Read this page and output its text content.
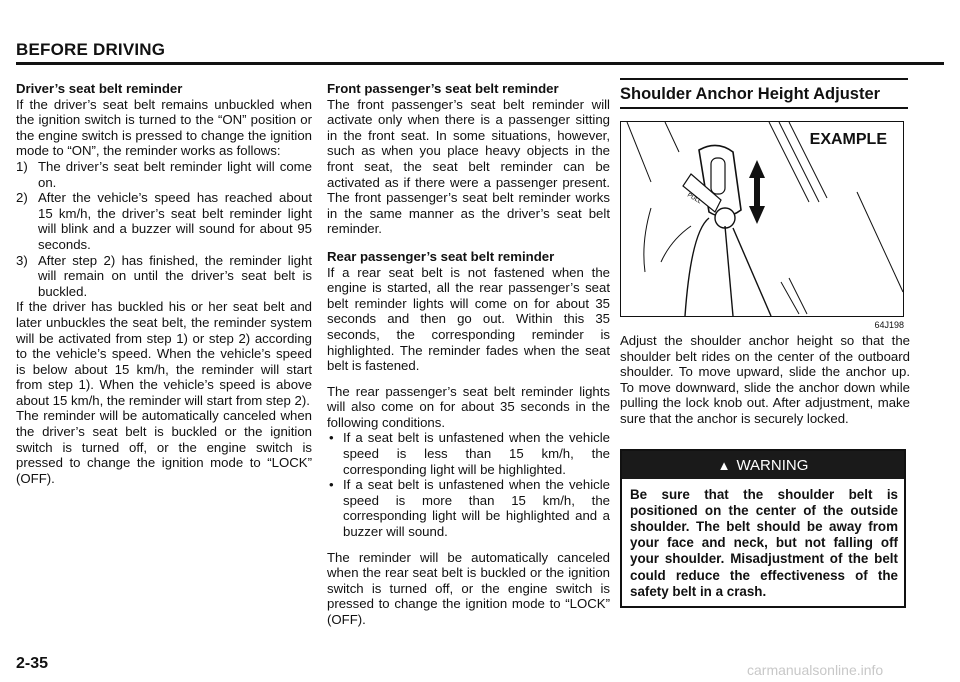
BEFORE DRIVING

Driver’s seat belt reminder

If the driver’s seat belt remains unbuckled when the ignition switch is turned to the “ON” position or the engine switch is pressed to change the ignition mode to “ON”, the reminder works as follows:

1) The driver’s seat belt reminder light will come on.
2) After the vehicle’s speed has reached about 15 km/h, the driver’s seat belt reminder light will blink and a buzzer will sound for about 95 seconds.
3) After step 2) has finished, the reminder light will remain on until the driver’s seat belt is buckled.

If the driver has buckled his or her seat belt and later unbuckles the seat belt, the reminder system will be activated from step 1) or step 2) according to the vehicle’s speed. When the vehicle’s speed is below about 15 km/h, the reminder will start from step 1). When the vehicle’s speed is above about 15 km/h, the reminder will start from step 2).

The reminder will be automatically canceled when the driver’s seat belt is buckled or the ignition switch is turned off, or the engine switch is pressed to change the ignition mode to “LOCK” (OFF).

Front passenger’s seat belt reminder

The front passenger’s seat belt reminder will activate only when there is a passenger sitting in the front seat. In some situations, however, such as when you place heavy objects in the front seat, the seat belt reminder can be activated as if there were a passenger present. The front passenger’s seat belt reminder works in the same manner as the driver’s seat belt reminder.

Rear passenger’s seat belt reminder

If a rear seat belt is not fastened when the engine is started, all the rear passenger’s seat belt reminder lights will come on for about 35 seconds and then go out. Within this 35 seconds, the corresponding reminder is highlighted. The reminder fades when the seat belt is fastened.

The rear passenger’s seat belt reminder lights will also come on for about 35 seconds in the following conditions.

• If a seat belt is unfastened when the vehicle speed is less than 15 km/h, the corresponding light will be highlighted.
• If a seat belt is unfastened when the vehicle speed is more than 15 km/h, the corresponding light will be highlighted and a buzzer will sound.

The reminder will be automatically canceled when the rear seat belt is buckled or the ignition switch is turned off, or the engine switch is pressed to change the ignition mode to “LOCK” (OFF).

Shoulder Anchor Height Adjuster
PULL
EXAMPLE
64J198

Adjust the shoulder anchor height so that the shoulder belt rides on the center of the outboard shoulder. To move upward, slide the anchor up. To move downward, slide the anchor down while pulling the lock knob out. After adjustment, make sure that the anchor is securely locked.

▲ WARNING
Be sure that the shoulder belt is positioned on the center of the outside shoulder. The belt should be away from your face and neck, but not falling off your shoulder. Misadjustment of the belt could reduce the effectiveness of the safety belt in a crash.
2-35	carmanualsonline.info
